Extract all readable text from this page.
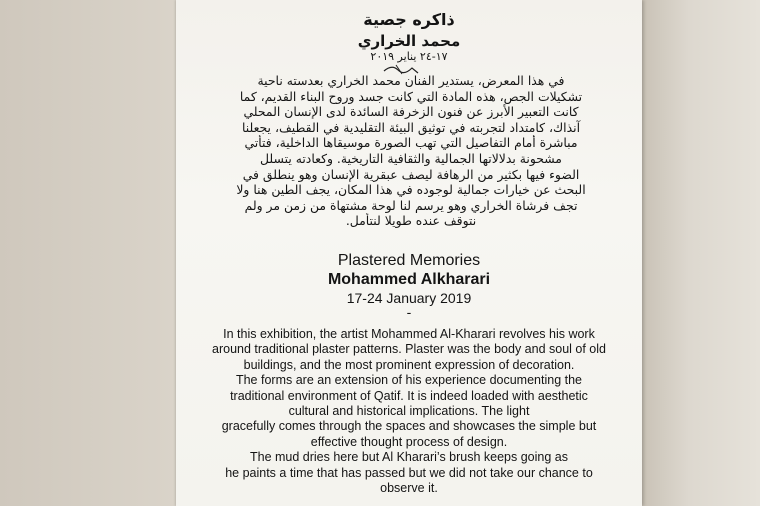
ذاكره جصية
محمد الخراري
١٧-٢٤ يناير ٢٠١٩
في هذا المعرض، يستدير الفنان محمد الخراري بعدسته ناحية
تشكيلات الجص، هذه المادة التي كانت جسد وروح البناء القديم، كما
كانت التعبير الأبرز عن فنون الزخرفة السائدة لدى الإنسان المحلي
آنذاك، كامتداد لتجربته في توثيق البيئة التقليدية في القطيف، يجعلنا
مباشرة أمام التفاصيل التي تهب الصورة موسيقاها الداخلية، فتأتي
مشحونة بدلالاتها الجمالية والثقافية التاريخية. وكعادته يتسلل
الضوء فيها بكثير من الرهافة ليصف عبقرية الإنسان وهو ينطلق في
البحث عن خيارات جمالية لوجوده في هذا المكان، يجف الطين هنا ولا
تجف فرشاة الخراري وهو يرسم لنا لوحة مشتهاة من زمن مر ولم
نتوقف عنده طويلا لنتأمل.
Plastered Memories
Mohammed Alkharari
17-24 January 2019
-
In this exhibition, the artist Mohammed Al-Kharari revolves his work
around traditional plaster patterns. Plaster was the body and soul of old
buildings, and the most prominent expression of decoration.
The forms are an extension of his experience documenting the
traditional environment of Qatif. It is indeed loaded with aesthetic
cultural and historical implications. The light
gracefully comes through the spaces and showcases the simple but
effective thought process of design.
The mud dries here but Al Kharari’s brush keeps going as
he paints a time that has passed but we did not take our chance to
observe it.
